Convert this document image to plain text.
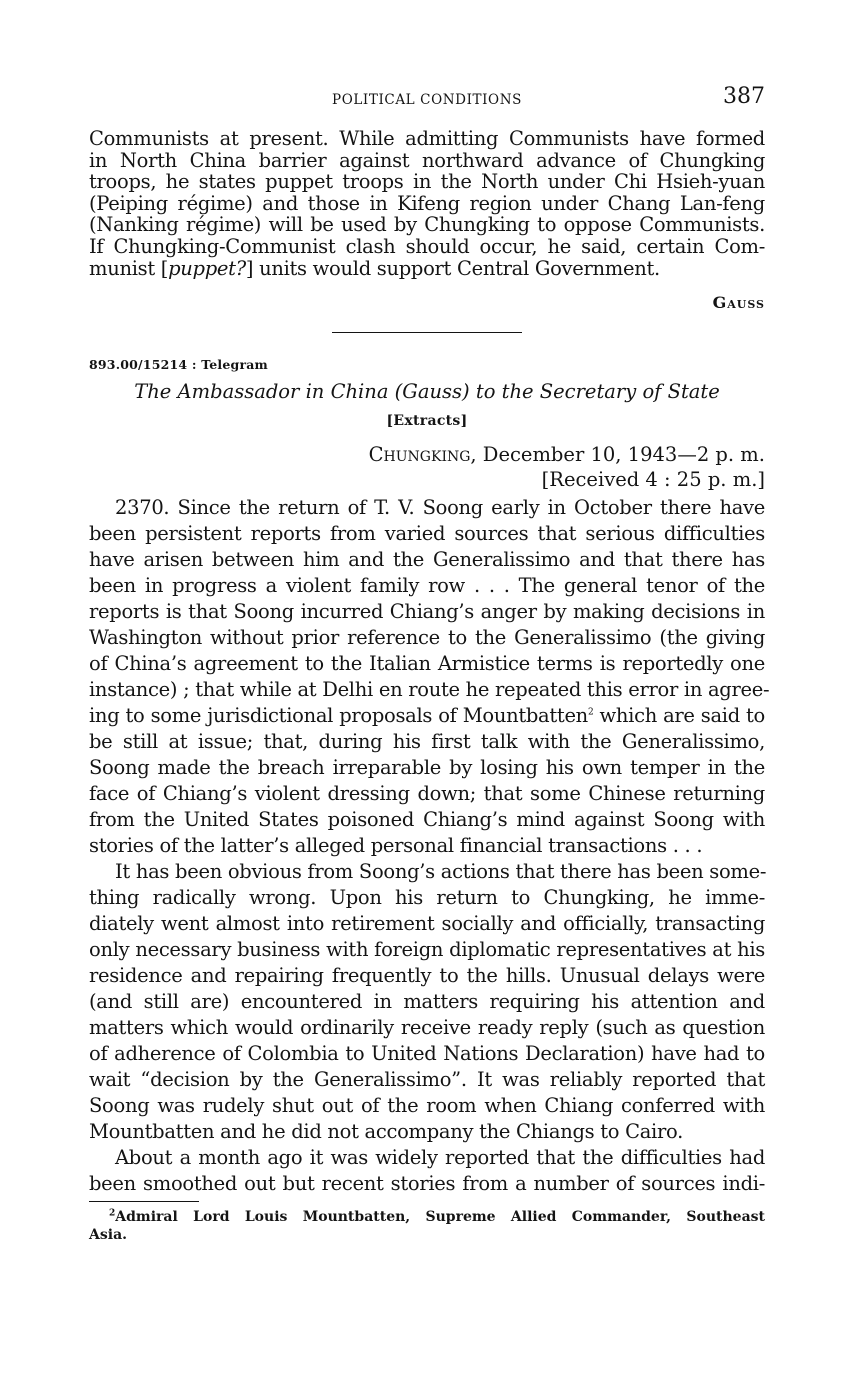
POLITICAL CONDITIONS	387
Communists at present. While admitting Communists have formed
in North China barrier against northward advance of Chungking
troops, he states puppet troops in the North under Chi Hsieh-yuan
(Peiping régime) and those in Kifeng region under Chang Lan-feng
(Nanking régime) will be used by Chungking to oppose Communists.
If Chungking-Communist clash should occur, he said, certain Com-
munist [puppet?] units would support Central Government.
Gauss
893.00/15214 : Telegram
The Ambassador in China (Gauss) to the Secretary of State
[Extracts]
Chungking, December 10, 1943—2 p. m.
[Received 4 : 25 p. m.]
2370. Since the return of T. V. Soong early in October there have
been persistent reports from varied sources that serious difficulties
have arisen between him and the Generalissimo and that there has
been in progress a violent family row . . . The general tenor of the
reports is that Soong incurred Chiang’s anger by making decisions in
Washington without prior reference to the Generalissimo (the giving
of China’s agreement to the Italian Armistice terms is reportedly one
instance) ; that while at Delhi en route he repeated this error in agree-
ing to some jurisdictional proposals of Mountbatten$^2$ which are said to
be still at issue; that, during his first talk with the Generalissimo,
Soong made the breach irreparable by losing his own temper in the
face of Chiang’s violent dressing down; that some Chinese returning
from the United States poisoned Chiang’s mind against Soong with
stories of the latter’s alleged personal financial transactions . . .
It has been obvious from Soong’s actions that there has been some-
thing radically wrong. Upon his return to Chungking, he imme-
diately went almost into retirement socially and officially, transacting
only necessary business with foreign diplomatic representatives at his
residence and repairing frequently to the hills. Unusual delays were
(and still are) encountered in matters requiring his attention and
matters which would ordinarily receive ready reply (such as question
of adherence of Colombia to United Nations Declaration) have had to
wait “decision by the Generalissimo”. It was reliably reported that
Soong was rudely shut out of the room when Chiang conferred with
Mountbatten and he did not accompany the Chiangs to Cairo.
About a month ago it was widely reported that the difficulties had
been smoothed out but recent stories from a number of sources indi-
$^2$Admiral Lord Louis Mountbatten, Supreme Allied Commander, Southeast
Asia.
